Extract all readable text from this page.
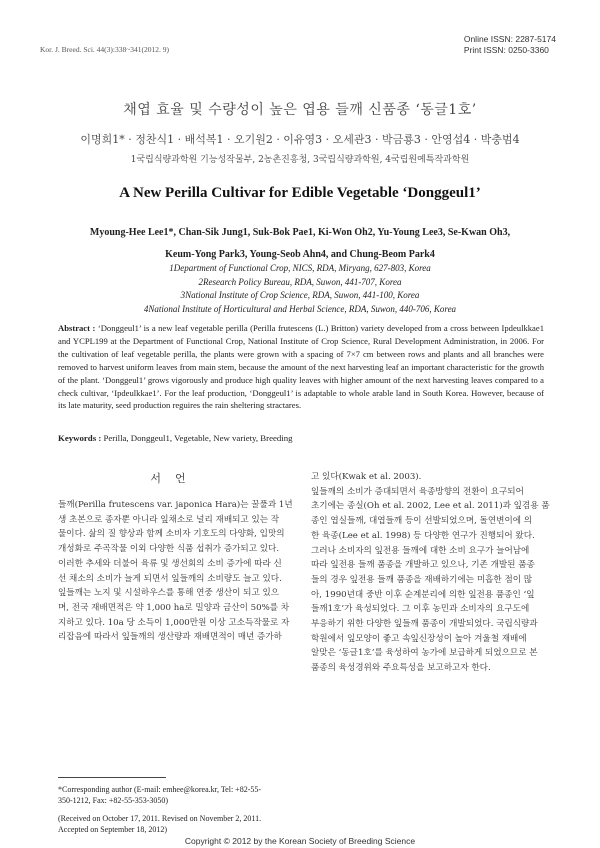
Online ISSN: 2287-5174
Print ISSN: 0250-3360
Kor. J. Breed. Sci. 44(3):338~341(2012. 9)
채엽 효율 및 수량성이 높은 엽용 들깨 신품종 ‘동글1호’
이명희1* · 정찬식1 · 배석복1 · 오기원2 · 이유영3 · 오세관3 · 박금룡3 · 안영섭4 · 박충범4
1국립식량과학원 기능성작물부, 2농촌진흥청, 3국립식량과학원, 4국립원예특작과학원
A New Perilla Cultivar for Edible Vegetable ‘Donggeul1’
Myoung-Hee Lee1*, Chan-Sik Jung1, Suk-Bok Pae1, Ki-Won Oh2, Yu-Young Lee3, Se-Kwan Oh3,
Keum-Yong Park3, Young-Seob Ahn4, and Chung-Beom Park4
1Department of Functional Crop, NICS, RDA, Miryang, 627-803, Korea
2Research Policy Bureau, RDA, Suwon, 441-707, Korea
3National Institute of Crop Science, RDA, Suwon, 441-100, Korea
4National Institute of Horticultural and Herbal Science, RDA, Suwon, 440-706, Korea
Abstract : ‘Donggeul1’ is a new leaf vegetable perilla (Perilla frutescens (L.) Britton) variety developed from a cross between Ipdeulkkae1 and YCPL199 at the Department of Functional Crop, National Institute of Crop Science, Rural Development Administration, in 2006. For the cultivation of leaf vegetable perilla, the plants were grown with a spacing of 7×7 cm between rows and plants and all branches were removed to harvest uniform leaves from main stem, because the amount of the next harvesting leaf an important characteristic for the growth of the plant. ‘Donggeul1’ grows vigorously and produce high quality leaves with higher amount of the next harvesting leaves compared to a check cultivar, ‘Ipdeulkkae1’. For the leaf production, ‘Donggeul1’ is adaptable to whole arable land in South Korea. However, because of its late maturity, seed production reguires the rain sheltering stractares.
Keywords : Perilla, Donggeul1, Vegetable, New variety, Breeding
서언
들깨(Perilla frutescens var. japonica Hara)는 꿀풀과 1년
생 초본으로 종자뿐 아니라 잎채소로 널리 재배되고 있는 작
물이다. 삶의 질 향상과 함께 소비자 기호도의 다양화, 입맛의
개성화로 주곡작물 이외 다양한 식품 섭취가 증가되고 있다.
이러한 추세와 더불어 육류 및 생선회의 소비 증가에 따라 신
선 채소의 소비가 늘게 되면서 잎들깨의 소비량도 늘고 있다.
잎들깨는 노지 및 시설하우스를 통해 연중 생산이 되고 있으
며, 전국 재배면적은 약 1,000 ha로 밀양과 금산이 50%를 차
지하고 있다. 10a 당 소득이 1,000만원 이상 고소득작물로 자
리잡음에 따라서 잎들깨의 생산량과 재배면적이 매년 증가하
고 있다(Kwak et al. 2003).
잎들깨의 소비가 증대되면서 육종방향의 전환이 요구되어
초기에는 종실(Oh et al. 2002, Lee et al. 2011)과 잎겸용 품
종인 엽실들깨, 대엽들깨 등이 선발되었으며, 돌연변이에 의
한 육종(Lee et al. 1998) 등 다양한 연구가 진행되어 왔다.
그러나 소비자의 잎전용 들깨에 대한 소비 요구가 늘어남에
따라 잎전용 들깨 품종을 개발하고 있으나, 기존 개발된 품종
들의 경우 잎전용 들깨 품종을 재배하기에는 미흡한 점이 많
아, 1990년대 중반 이후 순계분리에 의한 잎전용 품종인 ‘잎
들깨1호’가 육성되었다. 그 이후 농민과 소비자의 요구도에
부응하기 위한 다양한 잎들깨 품종이 개발되었다. 국립식량과
학원에서 잎모양이 좋고 속잎신장성이 높아 겨울철 재배에
알맞은 ‘동글1호’를 육성하여 농가에 보급하게 되었으므로 본
품종의 육성경위와 주요특성을 보고하고자 한다.
*Corresponding author (E-mail: emhee@korea.kr, Tel: +82-55-
350-1212, Fax: +82-55-353-3050)
(Received on October 17, 2011. Revised on November 2, 2011.
Accepted on September 18, 2012)
Copyright © 2012 by the Korean Society of Breeding Science
